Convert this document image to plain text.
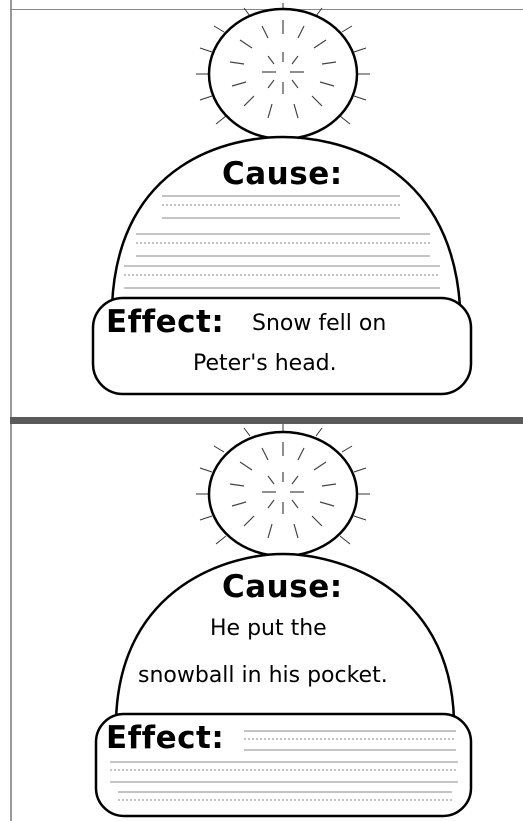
Cause:
Effect: Snow fell on
Peter's head.
Cause:
He put the
snowball in his pocket.
Effect:
